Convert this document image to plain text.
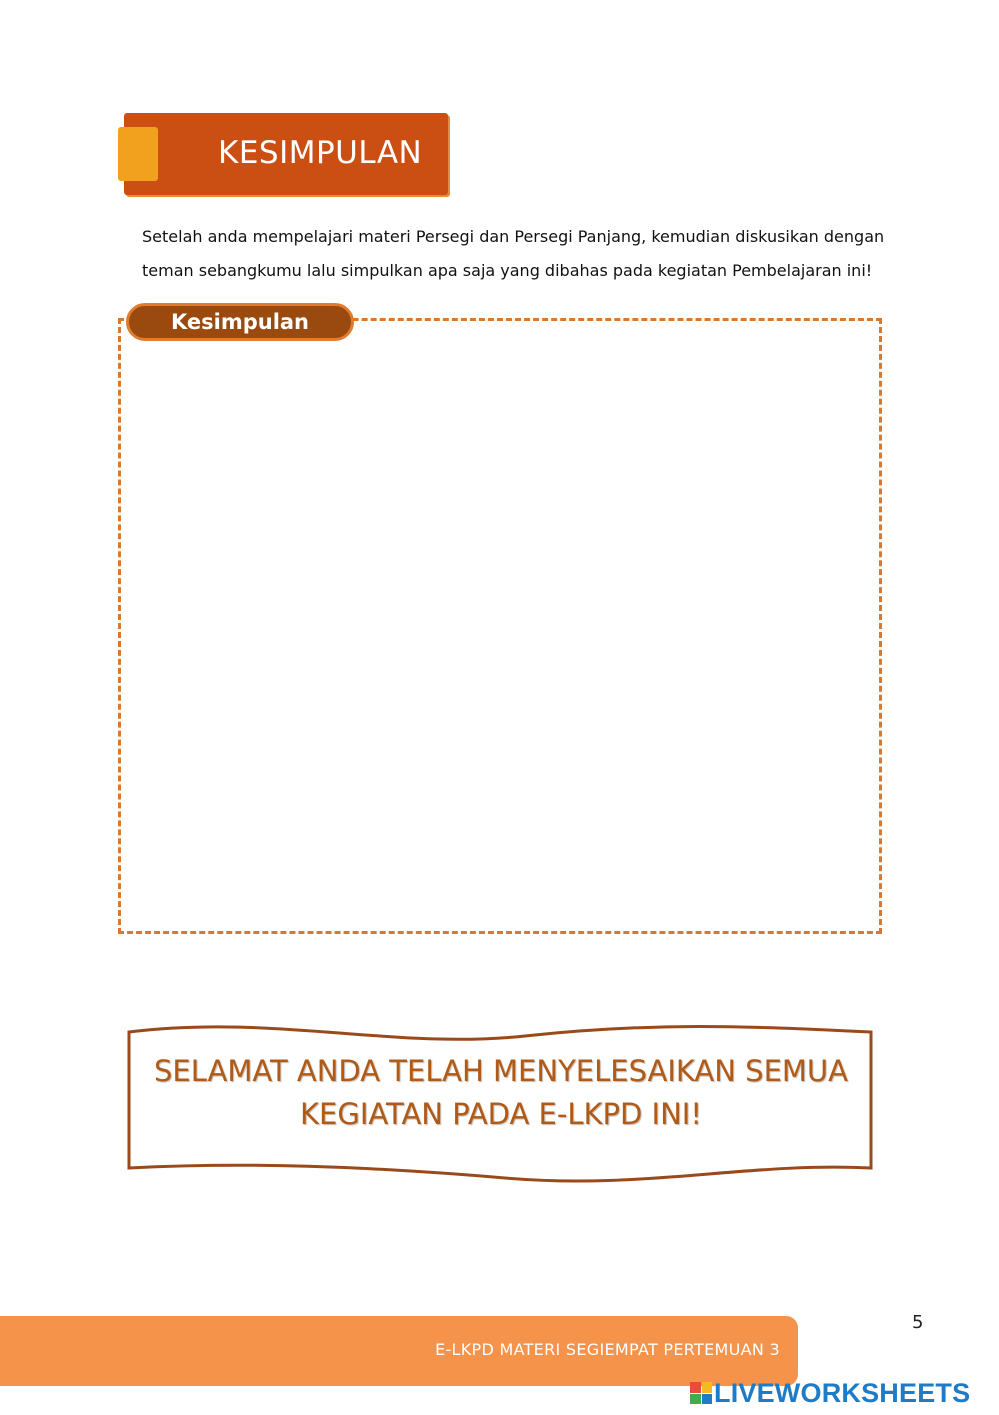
KESIMPULAN

Setelah anda mempelajari materi Persegi dan Persegi Panjang, kemudian diskusikan dengan

teman sebangkumu lalu simpulkan apa saja yang dibahas pada kegiatan Pembelajaran ini!

Kesimpulan
SELAMAT ANDA TELAH MENYELESAIKAN SEMUA
KEGIATAN PADA E-LKPD INI!
5
E-LKPD MATERI SEGIEMPAT PERTEMUAN 3
LIVEWORKSHEETS
